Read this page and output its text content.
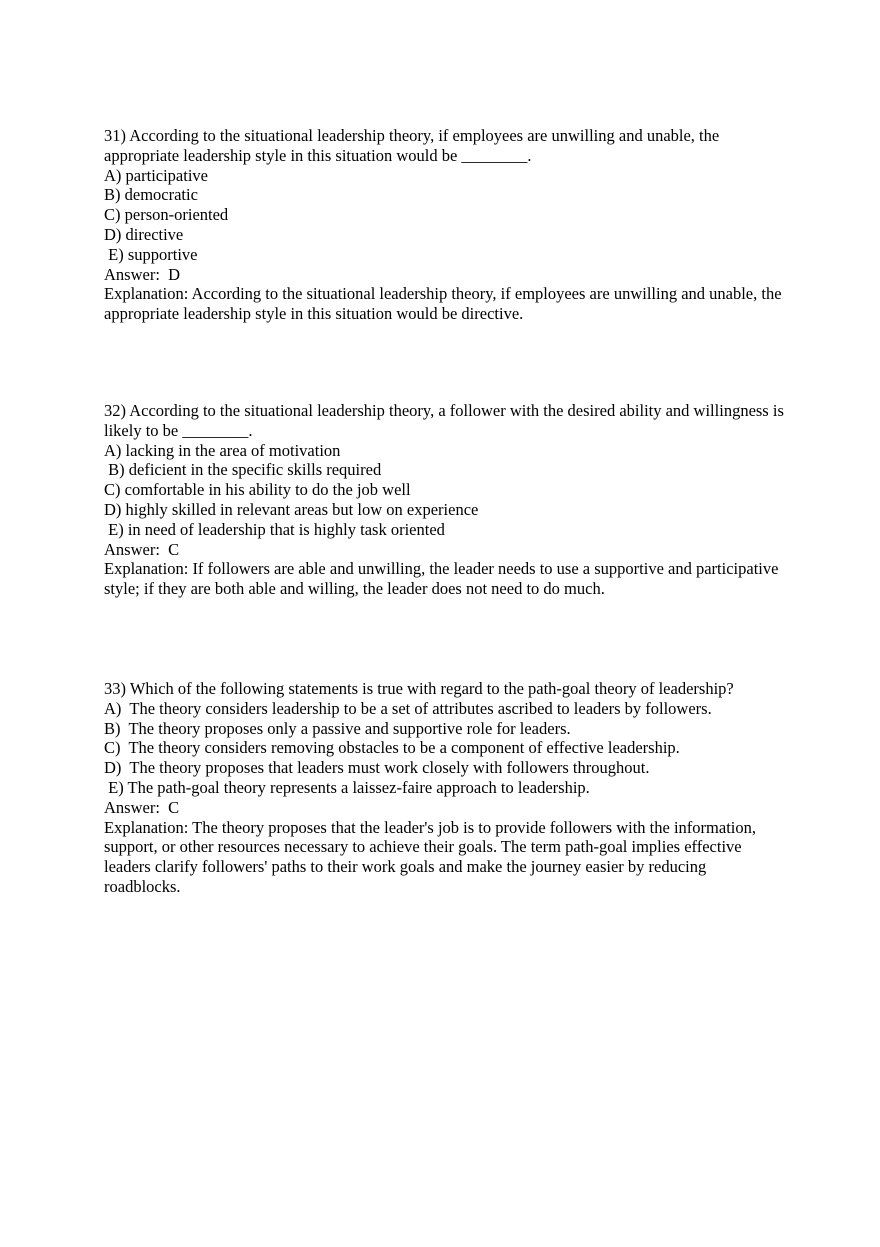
31) According to the situational leadership theory, if employees are unwilling and unable, the appropriate leadership style in this situation would be ________.
A) participative
B) democratic
C) person-oriented
D) directive
E) supportive
Answer:  D
Explanation: According to the situational leadership theory, if employees are unwilling and unable, the appropriate leadership style in this situation would be directive.
32) According to the situational leadership theory, a follower with the desired ability and willingness is likely to be ________.
A) lacking in the area of motivation
B) deficient in the specific skills required
C) comfortable in his ability to do the job well
D) highly skilled in relevant areas but low on experience
E) in need of leadership that is highly task oriented
Answer:  C
Explanation: If followers are able and unwilling, the leader needs to use a supportive and participative style; if they are both able and willing, the leader does not need to do much.
33) Which of the following statements is true with regard to the path-goal theory of leadership?
A)  The theory considers leadership to be a set of attributes ascribed to leaders by followers.
B)  The theory proposes only a passive and supportive role for leaders.
C)  The theory considers removing obstacles to be a component of effective leadership.
D)  The theory proposes that leaders must work closely with followers throughout.
E) The path-goal theory represents a laissez-faire approach to leadership.
Answer:  C
Explanation: The theory proposes that the leader's job is to provide followers with the information, support, or other resources necessary to achieve their goals. The term path-goal implies effective leaders clarify followers' paths to their work goals and make the journey easier by reducing roadblocks.
